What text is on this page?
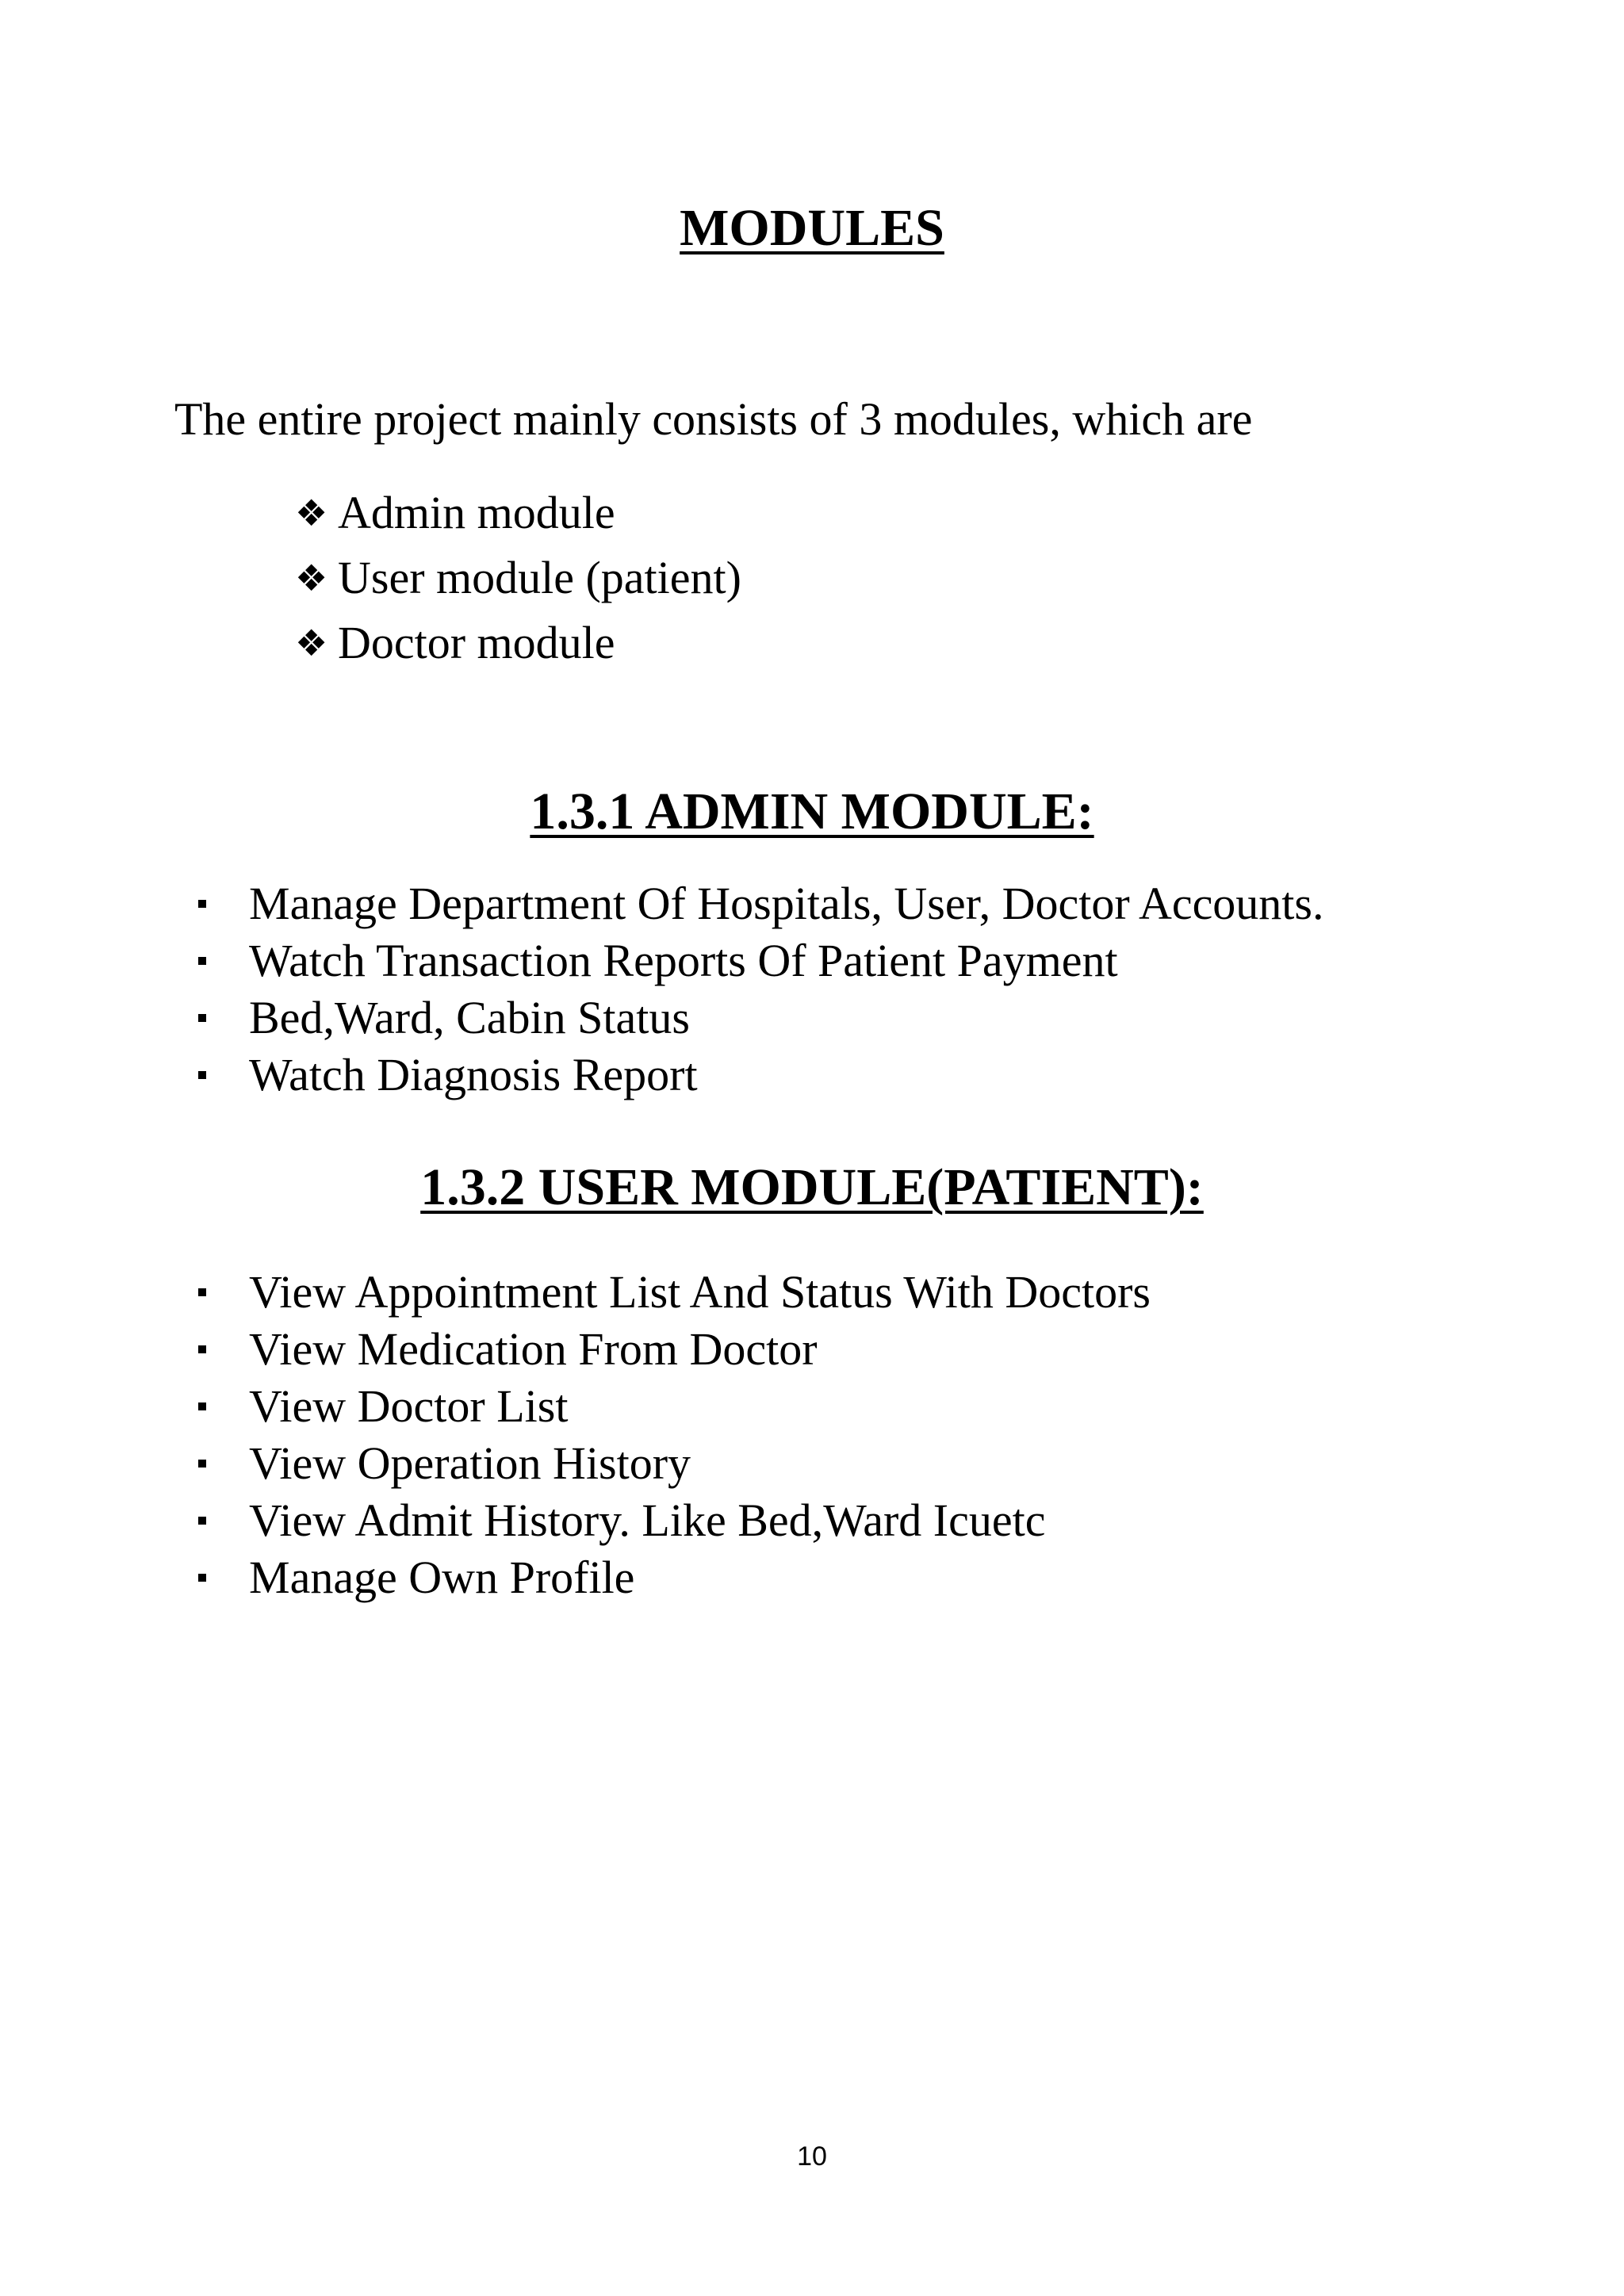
MODULES
The entire project mainly consists of 3 modules, which are
❖ Admin module
❖ User module (patient)
❖ Doctor module
1.3.1 ADMIN MODULE:
Manage Department Of Hospitals, User, Doctor Accounts.
Watch Transaction Reports Of Patient Payment
Bed,Ward, Cabin Status
Watch Diagnosis Report
1.3.2 USER MODULE(PATIENT):
View Appointment List And Status With Doctors
View Medication From Doctor
View Doctor List
View Operation History
View Admit History. Like Bed,Ward Icuetc
Manage Own Profile
10
